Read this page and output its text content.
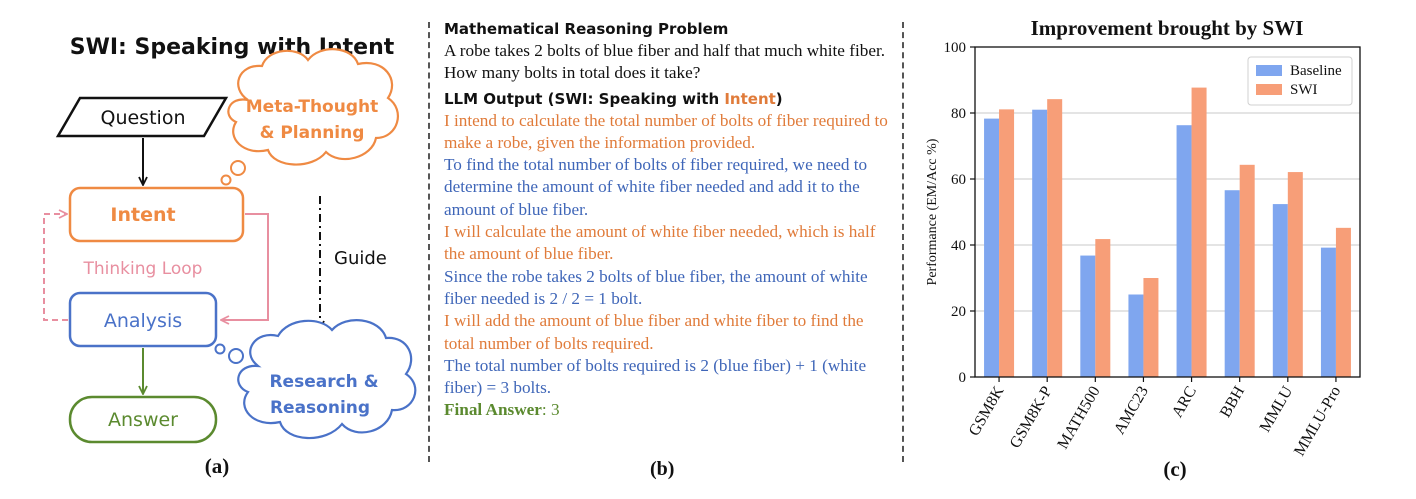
SWI: Speaking with Intent
Question
Intent
Thinking Loop
Analysis
Answer
Meta-Thought
& Planning
Guide
Research &
Reasoning
(a)

Mathematical Reasoning Problem

A robe takes 2 bolts of blue fiber and half that much white fiber. How many bolts in total does it take?

LLM Output (SWI: Speaking with Intent)

I intend to calculate the total number of bolts of fiber required to make a robe, given the information provided.

To find the total number of bolts of fiber required, we need to determine the amount of white fiber needed and add it to the amount of blue fiber.

I will calculate the amount of white fiber needed, which is half the amount of blue fiber.

Since the robe takes 2 bolts of blue fiber, the amount of white fiber needed is 2 / 2 = 1 bolt.

I will add the amount of blue fiber and white fiber to find the total number of bolts required.

The total number of bolts required is 2 (blue fiber) + 1 (white fiber) = 3 bolts.

Final Answer: 3

(b)
Improvement brought by SWI
Performance (EM/Acc %)
0
20
40
60
80
100
GSM8K GSM8K-P
MATH500 AMC23 ARC BBH MMLU
MMLU-Pro
Baseline
SWI
(c)
